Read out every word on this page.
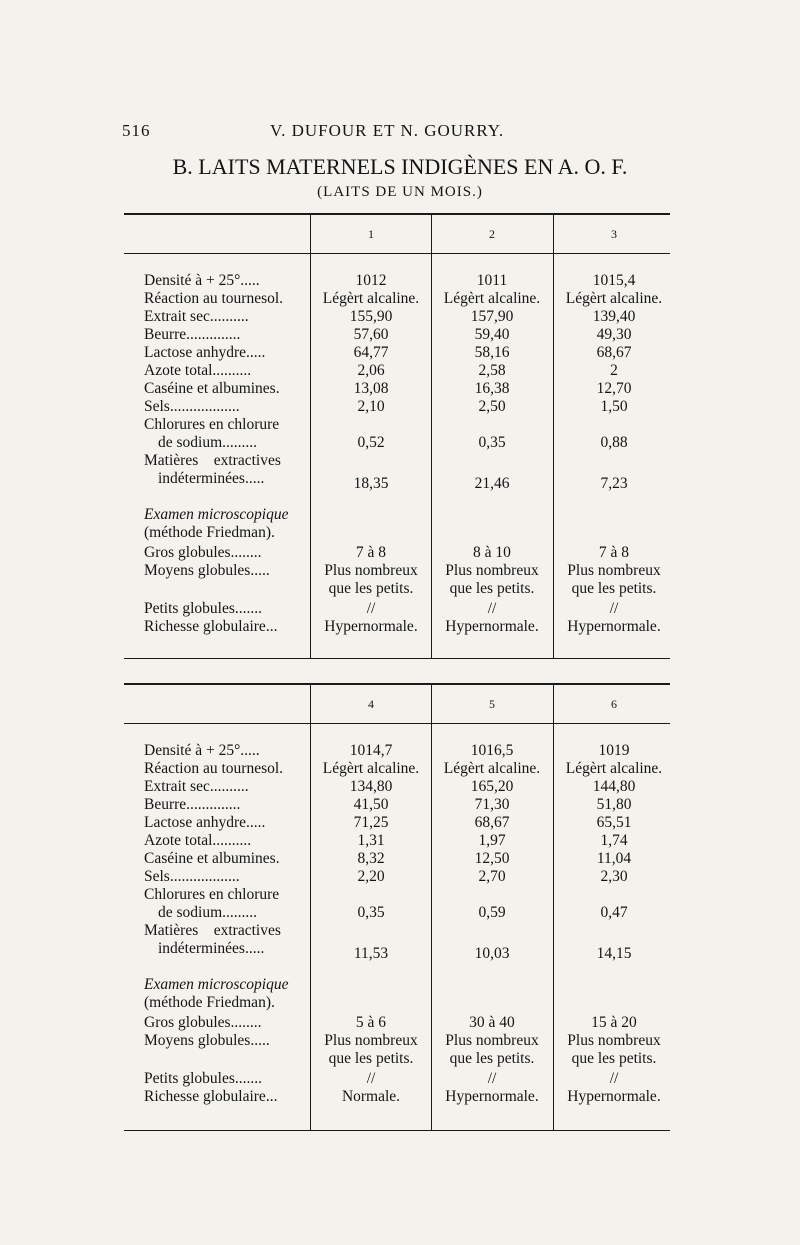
516	V. DUFOUR ET N. GOURRY.
B. LAITS MATERNELS INDIGÈNES EN A. O. F.
(LAITS DE UN MOIS.)
1	2	3
Densité à + 25°.....	1012	1011	1015,4
Réaction au tournesol.	Légèrt alcaline.	Légèrt alcaline.	Légèrt alcaline.
Extrait sec..........	155,90	157,90	139,40
Beurre..............	57,60	59,40	49,30
Lactose anhydre.....	64,77	58,16	68,67
Azote total..........	2,06	2,58	2
Caséine et albumines.	13,08	16,38	12,70
Sels..................	2,10	2,50	1,50
Chlorures en chlorure
de sodium.........	0,52	0,35	0,88
Matières    extractives
indéterminées.....	18,35	21,46	7,23
Examen microscopique
(méthode Friedman).
Gros globules........	7 à 8	8 à 10	7 à 8
Moyens globules.....	Plus nombreux	Plus nombreux	Plus nombreux
que les petits.	que les petits.	que les petits.
Petits globules.......	//	//	//
Richesse globulaire...	Hypernormale.	Hypernormale.	Hypernormale.
4	5	6
Densité à + 25°.....	1014,7	1016,5	1019
Réaction au tournesol.	Légèrt alcaline.	Légèrt alcaline.	Légèrt alcaline.
Extrait sec..........	134,80	165,20	144,80
Beurre..............	41,50	71,30	51,80
Lactose anhydre.....	71,25	68,67	65,51
Azote total..........	1,31	1,97	1,74
Caséine et albumines.	8,32	12,50	11,04
Sels..................	2,20	2,70	2,30
Chlorures en chlorure
de sodium.........	0,35	0,59	0,47
Matières    extractives
indéterminées.....	11,53	10,03	14,15
Examen microscopique
(méthode Friedman).
Gros globules........	5 à 6	30 à 40	15 à 20
Moyens globules.....	Plus nombreux	Plus nombreux	Plus nombreux
que les petits.	que les petits.	que les petits.
Petits globules.......	//	//	//
Richesse globulaire...	Normale.	Hypernormale.	Hypernormale.
